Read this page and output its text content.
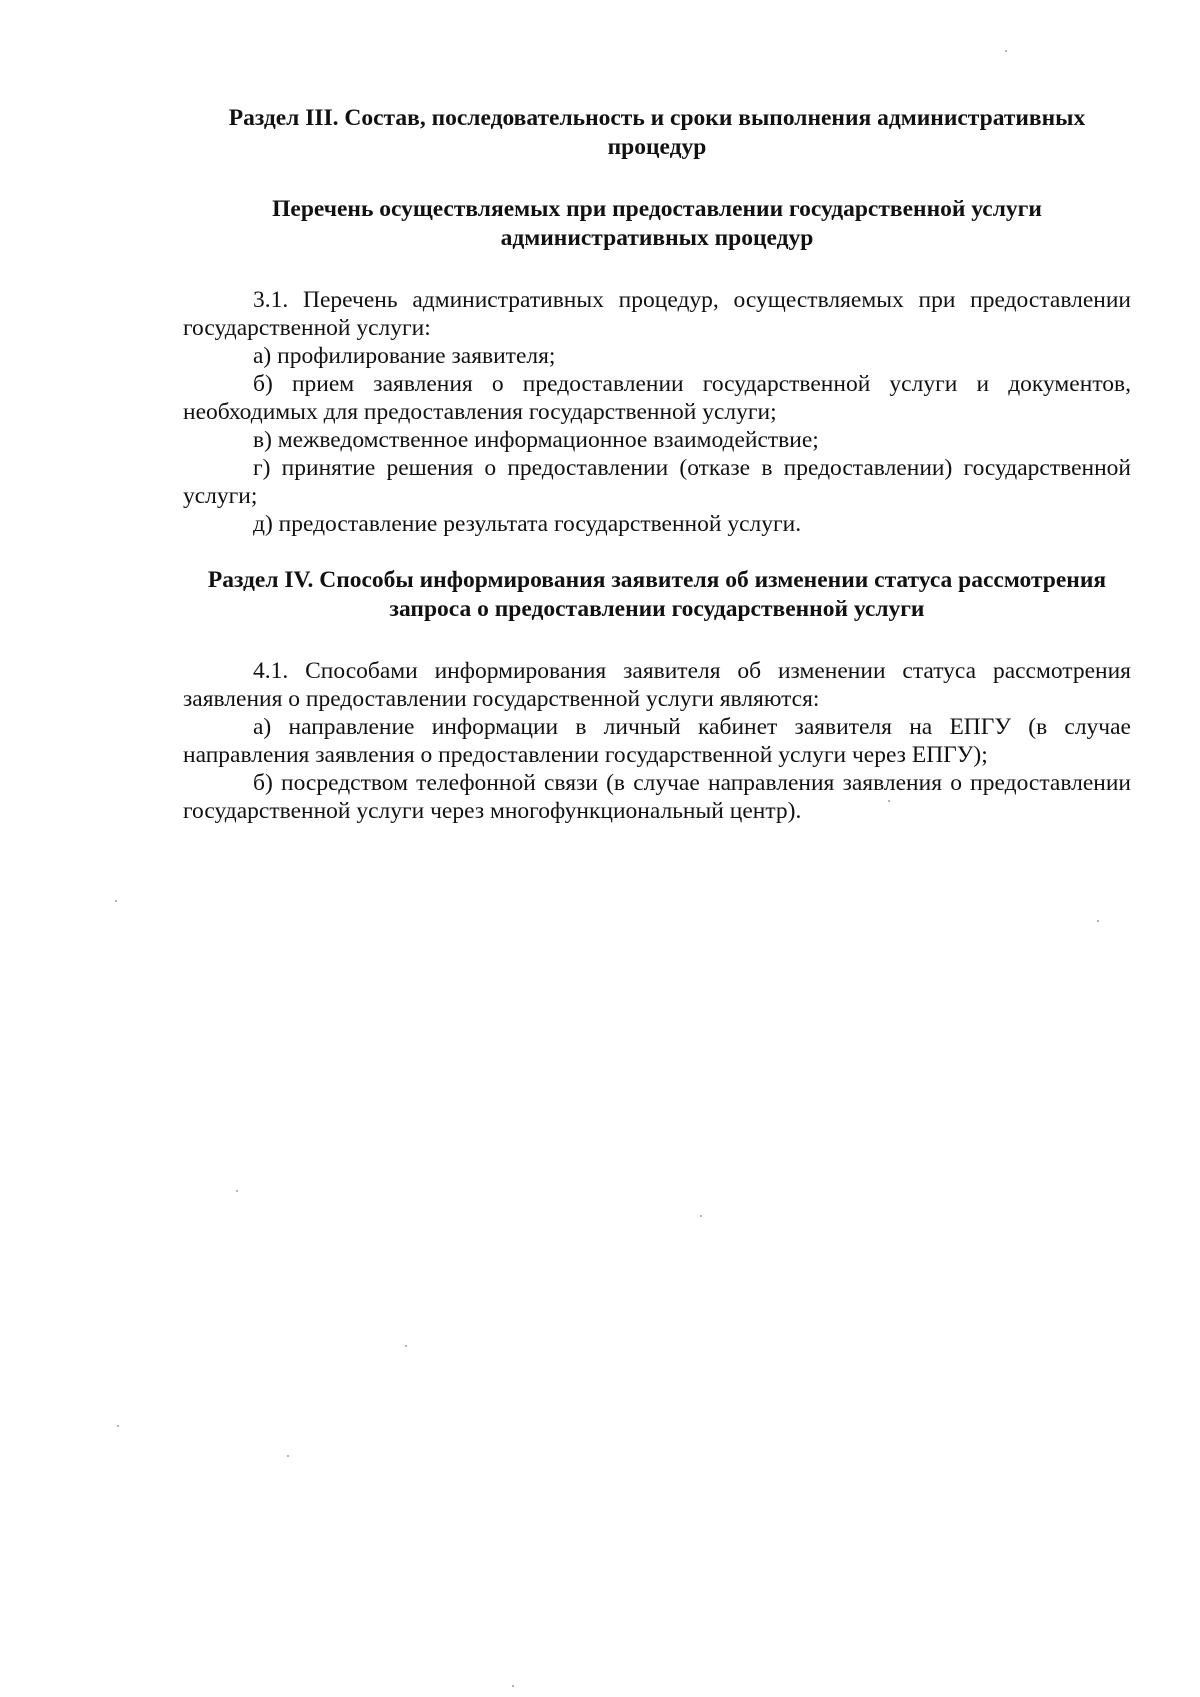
Раздел III. Состав, последовательность и сроки выполнения административных процедур
Перечень осуществляемых при предоставлении государственной услуги административных процедур

3.1. Перечень административных процедур, осуществляемых при предоставлении государственной услуги:

а) профилирование заявителя;

б) прием заявления о предоставлении государственной услуги и документов, необходимых для предоставления государственной услуги;

в) межведомственное информационное взаимодействие;

г) принятие решения о предоставлении (отказе в предоставлении) государственной услуги;

д) предоставление результата государственной услуги.

Раздел IV. Способы информирования заявителя об изменении статуса рассмотрения запроса о предоставлении государственной услуги

4.1. Способами информирования заявителя об изменении статуса рассмотрения заявления о предоставлении государственной услуги являются:

а) направление информации в личный кабинет заявителя на ЕПГУ (в случае направления заявления о предоставлении государственной услуги через ЕПГУ);

б) посредством телефонной связи (в случае направления заявления о предоставлении государственной услуги через многофункциональный центр).
